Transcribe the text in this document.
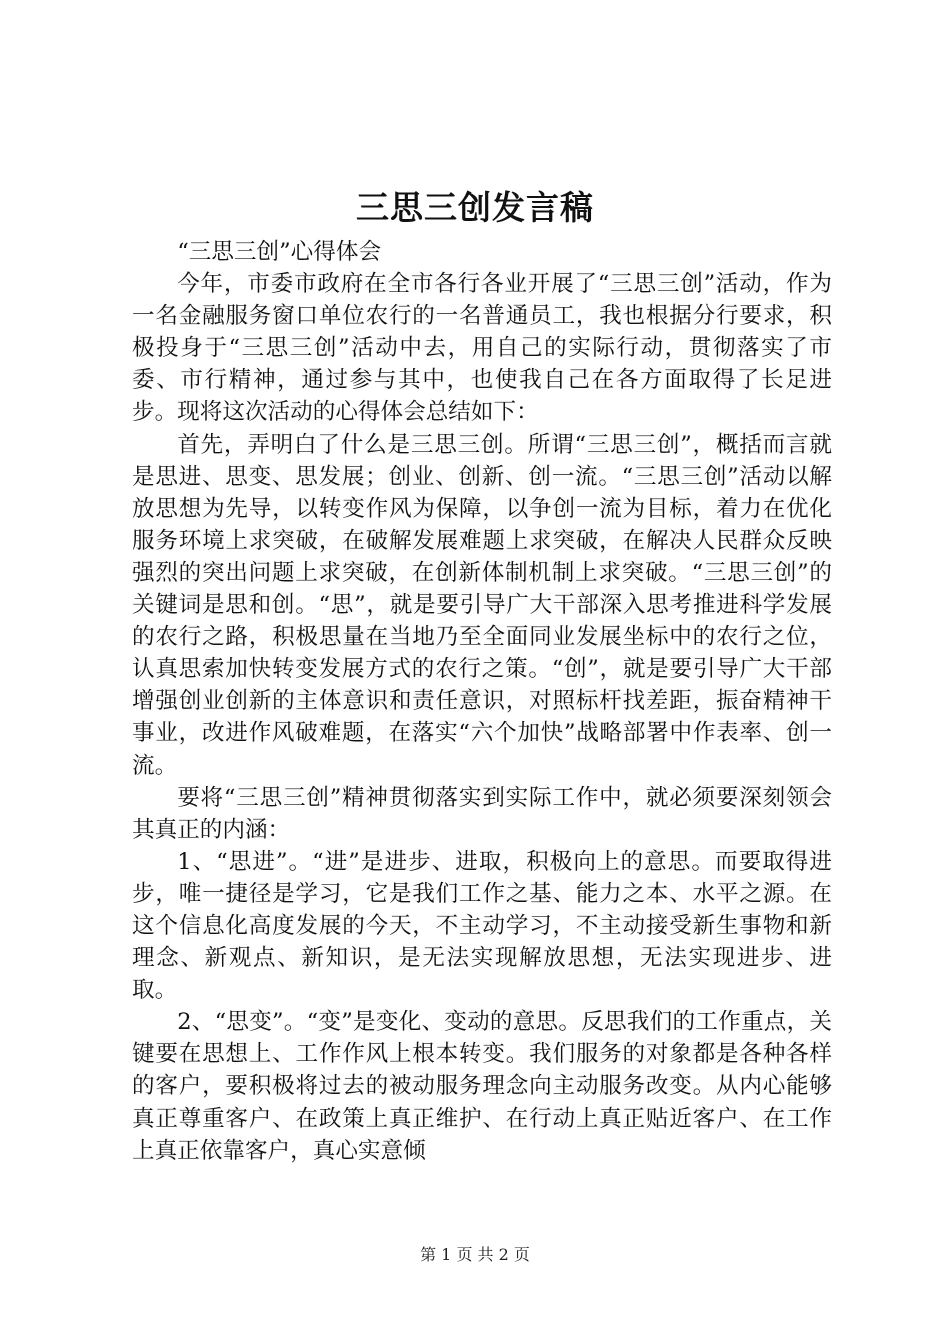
三思三创发言稿

“三思三创”心得体会

今年，市委市政府在全市各行各业开展了“三思三创”活动，作为一名金融服务窗口单位农行的一名普通员工，我也根据分行要求，积极投身于“三思三创”活动中去，用自己的实际行动，贯彻落实了市委、市行精神，通过参与其中，也使我自己在各方面取得了长足进步。现将这次活动的心得体会总结如下：

首先，弄明白了什么是三思三创。所谓“三思三创”，概括而言就是思进、思变、思发展；创业、创新、创一流。“三思三创”活动以解放思想为先导，以转变作风为保障，以争创一流为目标，着力在优化服务环境上求突破，在破解发展难题上求突破，在解决人民群众反映强烈的突出问题上求突破，在创新体制机制上求突破。“三思三创”的关键词是思和创。“思”，就是要引导广大干部深入思考推进科学发展的农行之路，积极思量在当地乃至全面同业发展坐标中的农行之位，认真思索加快转变发展方式的农行之策。“创”，就是要引导广大干部增强创业创新的主体意识和责任意识，对照标杆找差距，振奋精神干事业，改进作风破难题，在落实“六个加快”战略部署中作表率、创一流。

要将“三思三创”精神贯彻落实到实际工作中，就必须要深刻领会其真正的内涵：

1、“思进”。“进”是进步、进取，积极向上的意思。而要取得进步，唯一捷径是学习，它是我们工作之基、能力之本、水平之源。在这个信息化高度发展的今天，不主动学习，不主动接受新生事物和新理念、新观点、新知识，是无法实现解放思想，无法实现进步、进取。

2、“思变”。“变”是变化、变动的意思。反思我们的工作重点，关键要在思想上、工作作风上根本转变。我们服务的对象都是各种各样的客户，要积极将过去的被动服务理念向主动服务改变。从内心能够真正尊重客户、在政策上真正维护、在行动上真正贴近客户、在工作上真正依靠客户，真心实意倾

第 1 页 共 2 页
